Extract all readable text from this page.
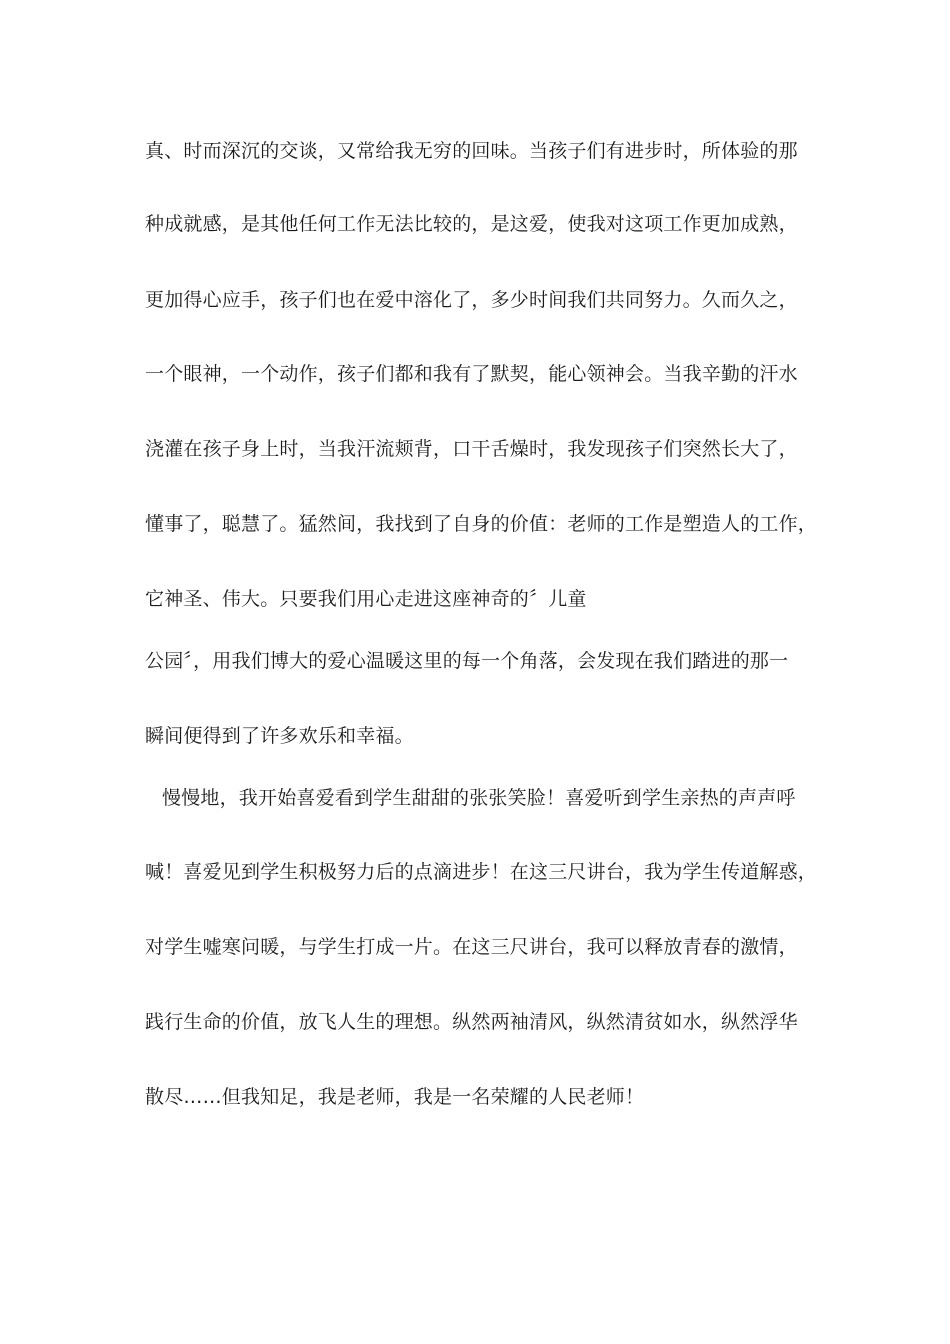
真、时而深沉的交谈，又常给我无穷的回味。当孩子们有进步时，所体验的那
种成就感，是其他任何工作无法比较的，是这爱，使我对这项工作更加成熟，
更加得心应手，孩子们也在爱中溶化了，多少时间我们共同努力。久而久之，
一个眼神，一个动作，孩子们都和我有了默契，能心领神会。当我辛勤的汗水
浇灌在孩子身上时，当我汗流颊背，口干舌燥时，我发现孩子们突然长大了，
懂事了，聪慧了。猛然间，我找到了自身的价值：老师的工作是塑造人的工作，
它神圣、伟大。只要我们用心走进这座神奇的〞儿童
公园〞，用我们博大的爱心温暖这里的每一个角落，会发现在我们踏进的那一
瞬间便得到了许多欢乐和幸福。
慢慢地，我开始喜爱看到学生甜甜的张张笑脸！喜爱听到学生亲热的声声呼
喊！喜爱见到学生积极努力后的点滴进步！在这三尺讲台，我为学生传道解惑，
对学生嘘寒问暖，与学生打成一片。在这三尺讲台，我可以释放青春的激情，
践行生命的价值，放飞人生的理想。纵然两袖清风，纵然清贫如水，纵然浮华
散尽……但我知足，我是老师，我是一名荣耀的人民老师！
